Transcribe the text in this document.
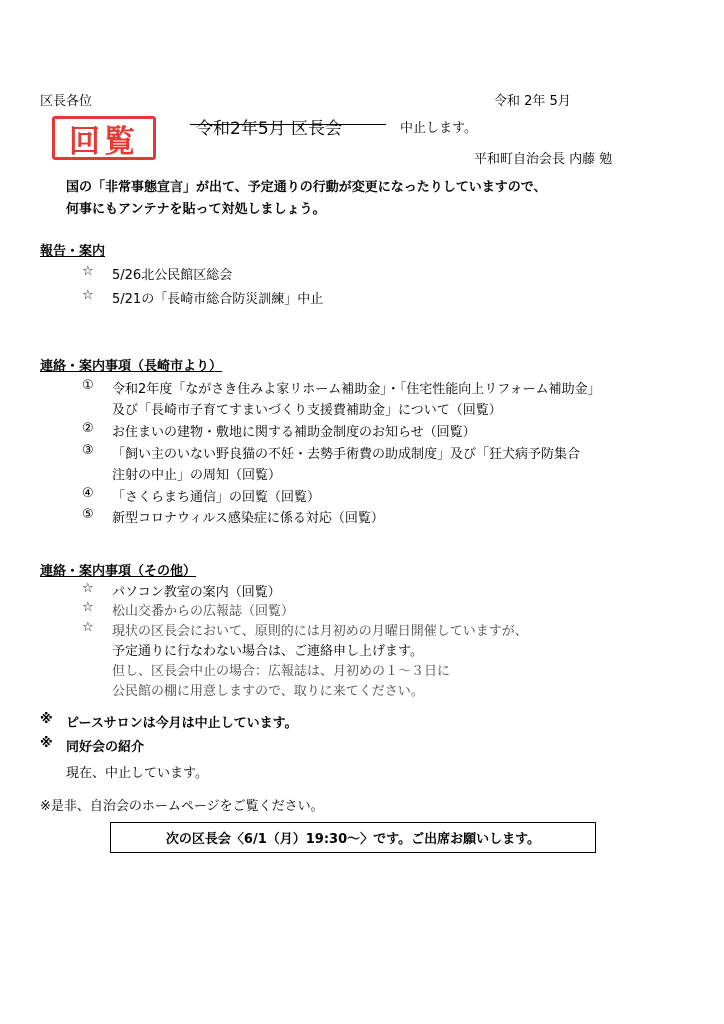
区長各位	令和 2年 5月
回覧	令和2年5月 区長会	中止します。
平和町自治会長 内藤 勉
国の「非常事態宣言」が出て、予定通りの行動が変更になったりしていますので、
何事にもアンテナを貼って対処しましょう。
報告・案内
☆ 5/26北公民館区総会
☆ 5/21の「長崎市総合防災訓練」中止
連絡・案内事項（長崎市より）
① 令和2年度「ながさき住みよ家リホーム補助金」・「住宅性能向上リフォーム補助金」
及び「長崎市子育てすまいづくり支援費補助金」について（回覧）
② お住まいの建物・敷地に関する補助金制度のお知らせ（回覧）
③ 「飼い主のいない野良猫の不妊・去勢手術費の助成制度」及び「狂犬病予防集合
注射の中止」の周知（回覧）
④ 「さくらまち通信」の回覧（回覧）
⑤ 新型コロナウィルス感染症に係る対応（回覧）
連絡・案内事項（その他）
☆ パソコン教室の案内（回覧）
☆ 松山交番からの広報誌（回覧）
☆ 現状の区長会において、原則的には月初めの月曜日開催していますが、
予定通りに行なわない場合は、ご連絡申し上げます。
但し、区長会中止の場合：広報誌は、月初めの１～３日に
公民館の棚に用意しますので、取りに来てください。
※ ピースサロンは今月は中止しています。
※ 同好会の紹介
現在、中止しています。
※是非、自治会のホームページをご覧ください。
次の区長会〈6/1（月）19:30～〉です。ご出席お願いします。
